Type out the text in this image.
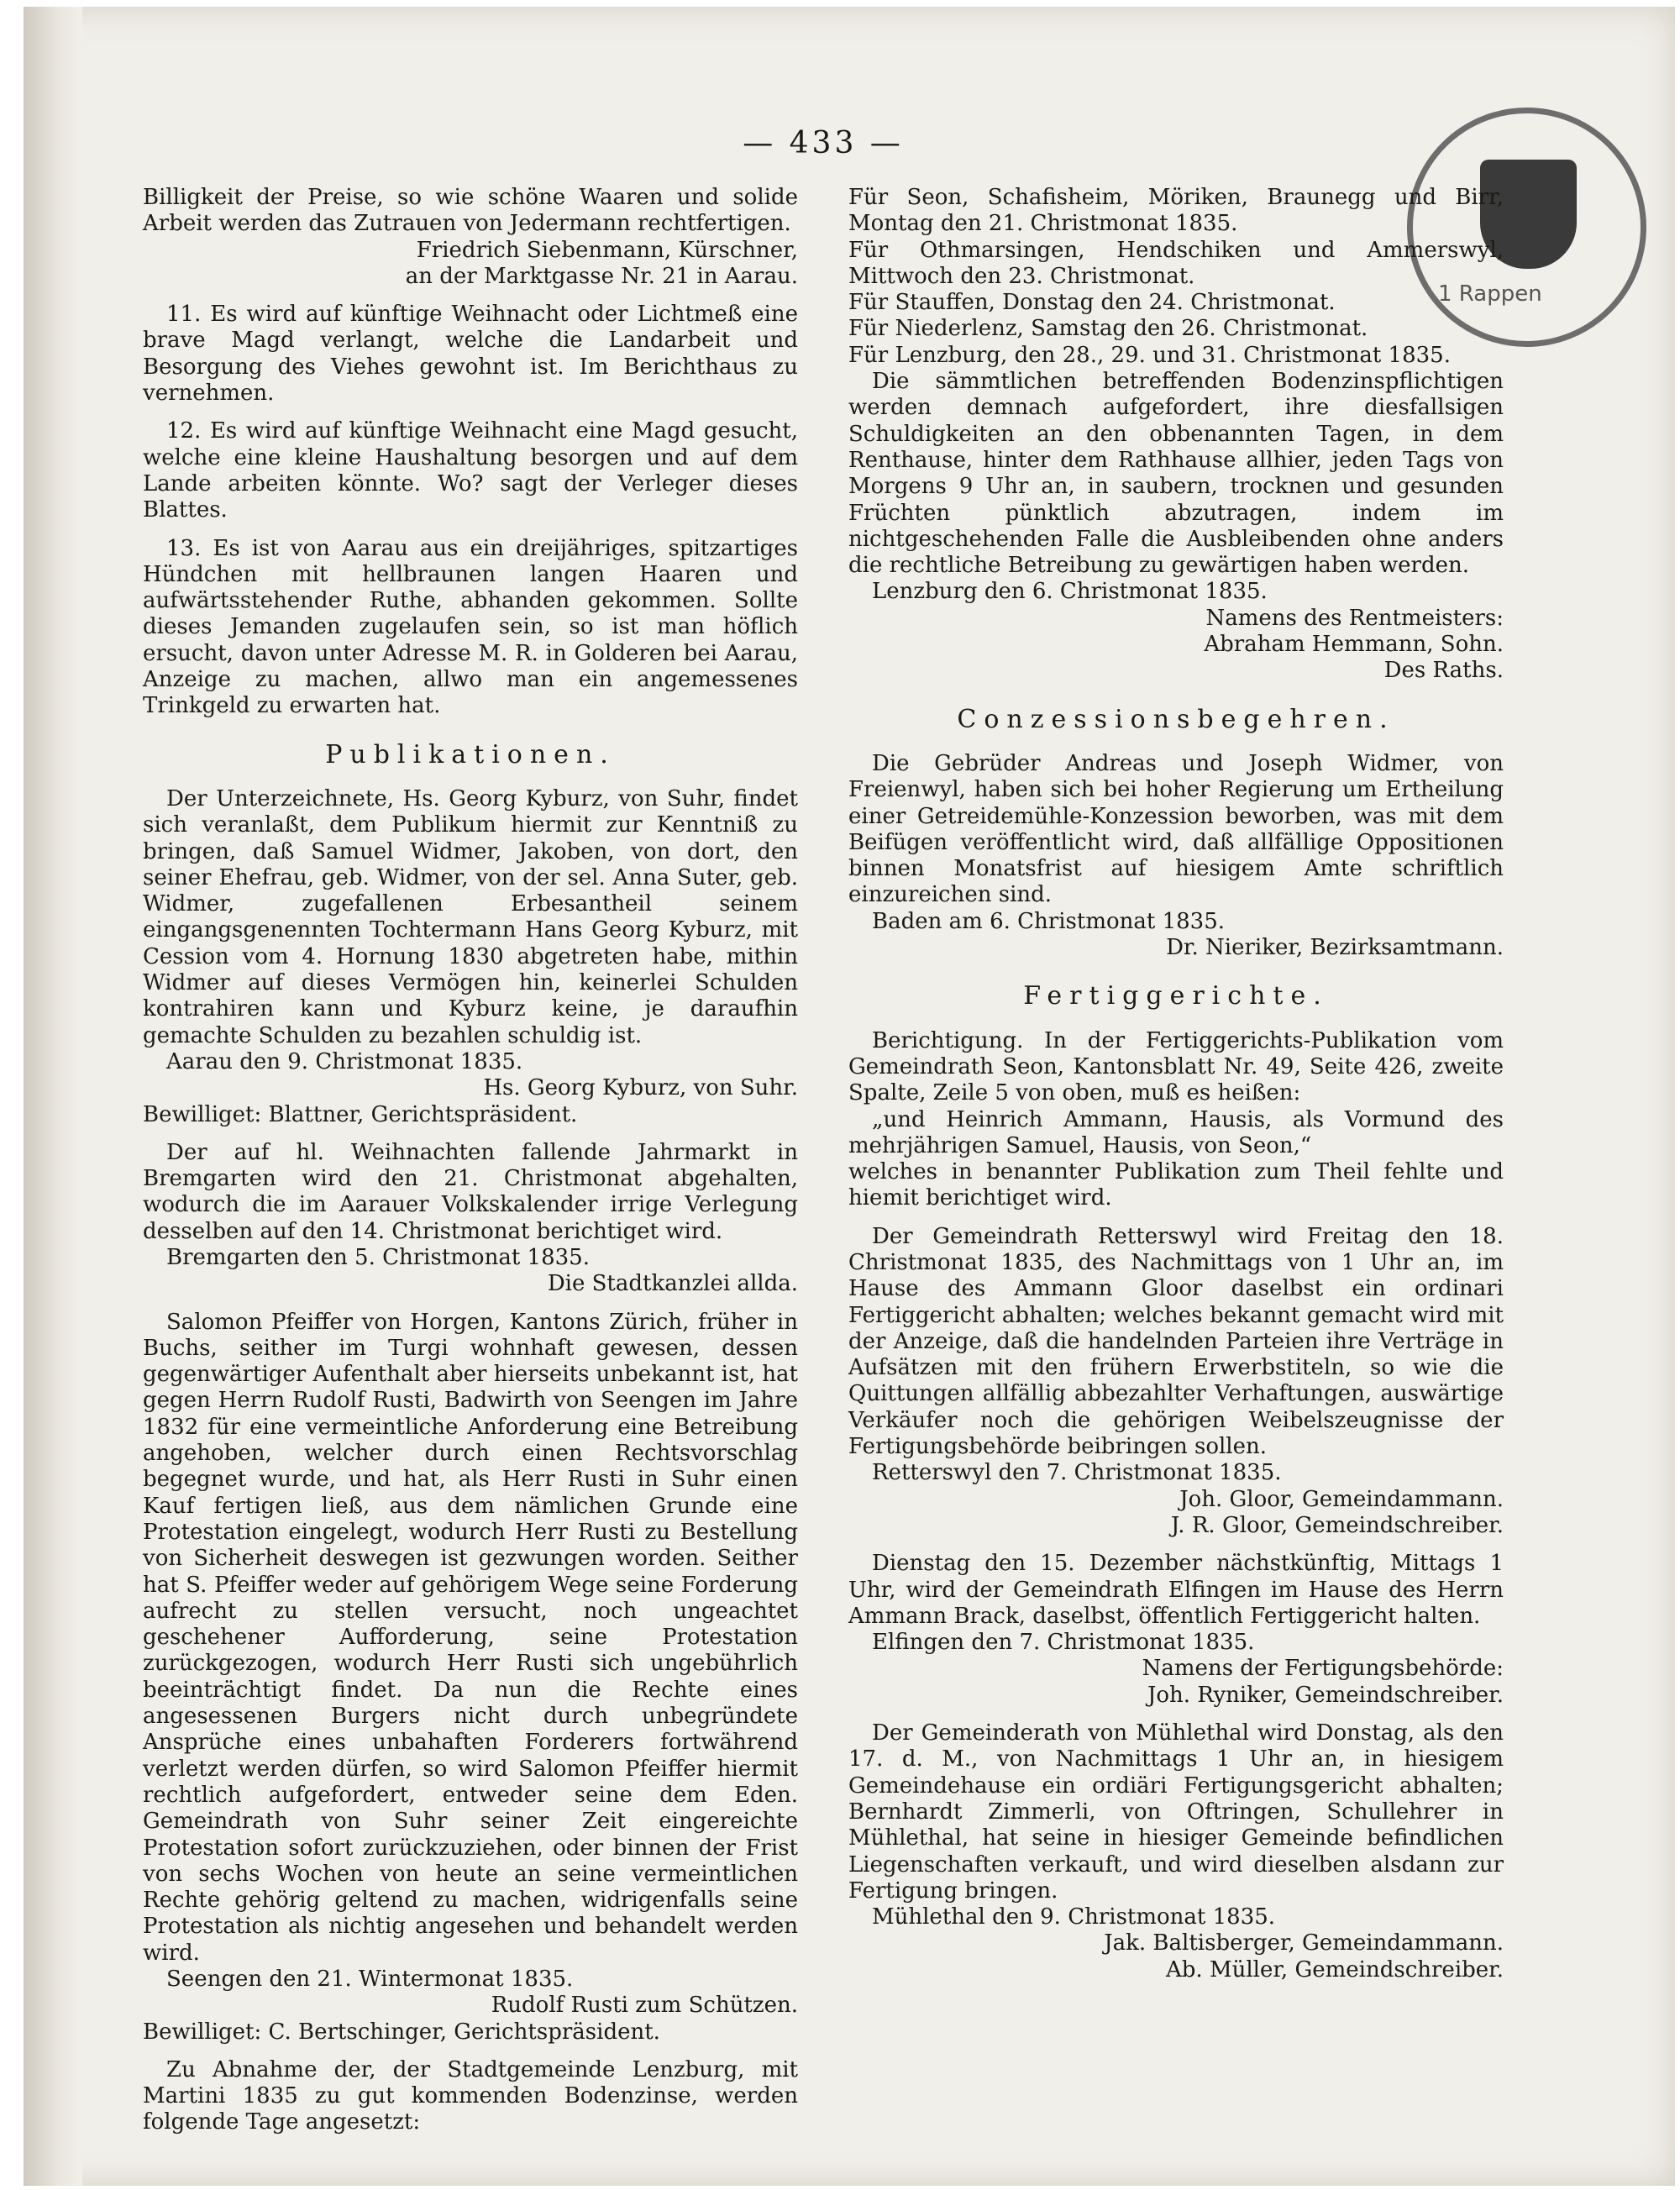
— 433 —
1 Rappen

Billigkeit der Preise, so wie schöne Waaren und solide Arbeit werden das Zutrauen von Jedermann rechtfertigen.

Friedrich Siebenmann, Kürschner,

an der Marktgasse Nr. 21 in Aarau.

11. Es wird auf künftige Weihnacht oder Lichtmeß eine brave Magd verlangt, welche die Landarbeit und Besorgung des Viehes gewohnt ist. Im Berichthaus zu vernehmen.

12. Es wird auf künftige Weihnacht eine Magd gesucht, welche eine kleine Haushaltung besorgen und auf dem Lande arbeiten könnte. Wo? sagt der Verleger dieses Blattes.

13. Es ist von Aarau aus ein dreijähriges, spitzartiges Hündchen mit hellbraunen langen Haaren und aufwärtsstehender Ruthe, abhanden gekommen. Sollte dieses Jemanden zugelaufen sein, so ist man höflich ersucht, davon unter Adresse M. R. in Golderen bei Aarau, Anzeige zu machen, allwo man ein angemessenes Trinkgeld zu erwarten hat.

Publikationen.

Der Unterzeichnete, Hs. Georg Kyburz, von Suhr, findet sich veranlaßt, dem Publikum hiermit zur Kenntniß zu bringen, daß Samuel Widmer, Jakoben, von dort, den seiner Ehefrau, geb. Widmer, von der sel. Anna Suter, geb. Widmer, zugefallenen Erbesantheil seinem eingangsgenennten Tochtermann Hans Georg Kyburz, mit Cession vom 4. Hornung 1830 abgetreten habe, mithin Widmer auf dieses Vermögen hin, keinerlei Schulden kontrahiren kann und Kyburz keine, je daraufhin gemachte Schulden zu bezahlen schuldig ist.

Aarau den 9. Christmonat 1835.

Hs. Georg Kyburz, von Suhr.

Bewilliget: Blattner, Gerichtspräsident.

Der auf hl. Weihnachten fallende Jahrmarkt in Bremgarten wird den 21. Christmonat abgehalten, wodurch die im Aarauer Volkskalender irrige Verlegung desselben auf den 14. Christmonat berichtiget wird.

Bremgarten den 5. Christmonat 1835.

Die Stadtkanzlei allda.

Salomon Pfeiffer von Horgen, Kantons Zürich, früher in Buchs, seither im Turgi wohnhaft gewesen, dessen gegenwärtiger Aufenthalt aber hierseits unbekannt ist, hat gegen Herrn Rudolf Rusti, Badwirth von Seengen im Jahre 1832 für eine vermeintliche Anforderung eine Betreibung angehoben, welcher durch einen Rechtsvorschlag begegnet wurde, und hat, als Herr Rusti in Suhr einen Kauf fertigen ließ, aus dem nämlichen Grunde eine Protestation eingelegt, wodurch Herr Rusti zu Bestellung von Sicherheit deswegen ist gezwungen worden. Seither hat S. Pfeiffer weder auf gehörigem Wege seine Forderung aufrecht zu stellen versucht, noch ungeachtet geschehener Aufforderung, seine Protestation zurückgezogen, wodurch Herr Rusti sich ungebührlich beeinträchtigt findet. Da nun die Rechte eines angesessenen Burgers nicht durch unbegründete Ansprüche eines unbahaften Forderers fortwährend verletzt werden dürfen, so wird Salomon Pfeiffer hiermit rechtlich aufgefordert, entweder seine dem Eden. Gemeindrath von Suhr seiner Zeit eingereichte Protestation sofort zurückzuziehen, oder binnen der Frist von sechs Wochen von heute an seine vermeintlichen Rechte gehörig geltend zu machen, widrigenfalls seine Protestation als nichtig angesehen und behandelt werden wird.

Seengen den 21. Wintermonat 1835.

Rudolf Rusti zum Schützen.

Bewilliget: C. Bertschinger, Gerichtspräsident.

Zu Abnahme der, der Stadtgemeinde Lenzburg, mit Martini 1835 zu gut kommenden Bodenzinse, werden folgende Tage angesetzt:

Für Seon, Schafisheim, Möriken, Braunegg und Birr, Montag den 21. Christmonat 1835.

Für Othmarsingen, Hendschiken und Ammerswyl, Mittwoch den 23. Christmonat.

Für Stauffen, Donstag den 24. Christmonat.

Für Niederlenz, Samstag den 26. Christmonat.

Für Lenzburg, den 28., 29. und 31. Christmonat 1835.

Die sämmtlichen betreffenden Bodenzinspflichtigen werden demnach aufgefordert, ihre diesfallsigen Schuldigkeiten an den obbenannten Tagen, in dem Renthause, hinter dem Rathhause allhier, jeden Tags von Morgens 9 Uhr an, in saubern, trocknen und gesunden Früchten pünktlich abzutragen, indem im nichtgeschehenden Falle die Ausbleibenden ohne anders die rechtliche Betreibung zu gewärtigen haben werden.

Lenzburg den 6. Christmonat 1835.

Namens des Rentmeisters:

Abraham Hemmann, Sohn.

Des Raths.

Conzessionsbegehren.

Die Gebrüder Andreas und Joseph Widmer, von Freienwyl, haben sich bei hoher Regierung um Ertheilung einer Getreidemühle-Konzession beworben, was mit dem Beifügen veröffentlicht wird, daß allfällige Oppositionen binnen Monatsfrist auf hiesigem Amte schriftlich einzureichen sind.

Baden am 6. Christmonat 1835.

Dr. Nieriker, Bezirksamtmann.

Fertiggerichte.

Berichtigung. In der Fertiggerichts-Publikation vom Gemeindrath Seon, Kantonsblatt Nr. 49, Seite 426, zweite Spalte, Zeile 5 von oben, muß es heißen:

„und Heinrich Ammann, Hausis, als Vormund des mehrjährigen Samuel, Hausis, von Seon,“

welches in benannter Publikation zum Theil fehlte und hiemit berichtiget wird.

Der Gemeindrath Retterswyl wird Freitag den 18. Christmonat 1835, des Nachmittags von 1 Uhr an, im Hause des Ammann Gloor daselbst ein ordinari Fertiggericht abhalten; welches bekannt gemacht wird mit der Anzeige, daß die handelnden Parteien ihre Verträge in Aufsätzen mit den frühern Erwerbstiteln, so wie die Quittungen allfällig abbezahlter Verhaftungen, auswärtige Verkäufer noch die gehörigen Weibelszeugnisse der Fertigungsbehörde beibringen sollen.

Retterswyl den 7. Christmonat 1835.

Joh. Gloor, Gemeindammann.

J. R. Gloor, Gemeindschreiber.

Dienstag den 15. Dezember nächstkünftig, Mittags 1 Uhr, wird der Gemeindrath Elfingen im Hause des Herrn Ammann Brack, daselbst, öffentlich Fertiggericht halten.

Elfingen den 7. Christmonat 1835.

Namens der Fertigungsbehörde:

Joh. Ryniker, Gemeindschreiber.

Der Gemeinderath von Mühlethal wird Donstag, als den 17. d. M., von Nachmittags 1 Uhr an, in hiesigem Gemeindehause ein ordiäri Fertigungsgericht abhalten; Bernhardt Zimmerli, von Oftringen, Schullehrer in Mühlethal, hat seine in hiesiger Gemeinde befindlichen Liegenschaften verkauft, und wird dieselben alsdann zur Fertigung bringen.

Mühlethal den 9. Christmonat 1835.

Jak. Baltisberger, Gemeindammann.

Ab. Müller, Gemeindschreiber.
